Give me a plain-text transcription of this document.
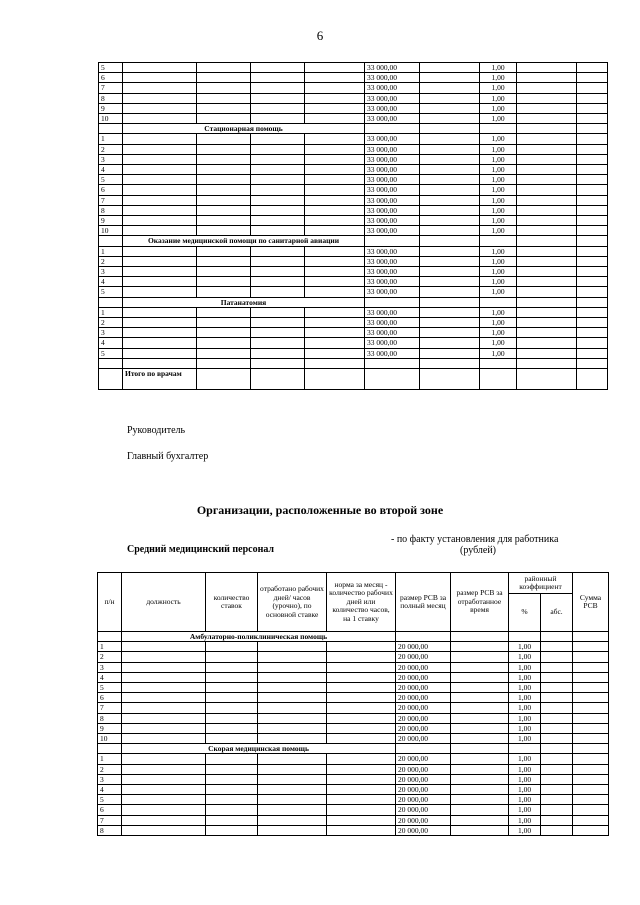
6
5					33 000,00		1,00		
6					33 000,00		1,00		
7					33 000,00		1,00		
8					33 000,00		1,00		
9					33 000,00		1,00		
10					33 000,00		1,00		
	Стационарная помощь								
1					33 000,00		1,00		
2					33 000,00		1,00		
3					33 000,00		1,00		
4					33 000,00		1,00		
5					33 000,00		1,00		
6					33 000,00		1,00		
7					33 000,00		1,00		
8					33 000,00		1,00		
9					33 000,00		1,00		
10					33 000,00		1,00		
	Оказание медицинской помощи по санитарной авиации								
1					33 000,00		1,00		
2					33 000,00		1,00		
3					33 000,00		1,00		
4					33 000,00		1,00		
5					33 000,00		1,00		
	Патанатомия								
1					33 000,00		1,00		
2					33 000,00		1,00		
3					33 000,00		1,00		
4					33 000,00		1,00		
5					33 000,00		1,00		

	Итого по врачам								
Руководитель
Главный бухгалтер
Организации, расположенные во второй зоне
- по факту установления для работника
Средний медицинский персонал	(рублей)
п/н	должность	количество ставок	отработано рабочих дней/ часов (урочно), по основной ставке	норма за месяц - количество рабочих дней или количество часов, на 1 ставку	размер РСВ за полный месяц	размер РСВ за отработанное время	районный коэффициент		Сумма РСВ
							%	абс.	
	Амбулаторно-поликлиническая помощь								
1					20 000,00		1,00		
2					20 000,00		1,00		
3					20 000,00		1,00		
4					20 000,00		1,00		
5					20 000,00		1,00		
6					20 000,00		1,00		
7					20 000,00		1,00		
8					20 000,00		1,00		
9					20 000,00		1,00		
10					20 000,00		1,00		
	Скорая медицинская помощь								
1					20 000,00		1,00		
2					20 000,00		1,00		
3					20 000,00		1,00		
4					20 000,00		1,00		
5					20 000,00		1,00		
6					20 000,00		1,00		
7					20 000,00		1,00		
8					20 000,00		1,00		
